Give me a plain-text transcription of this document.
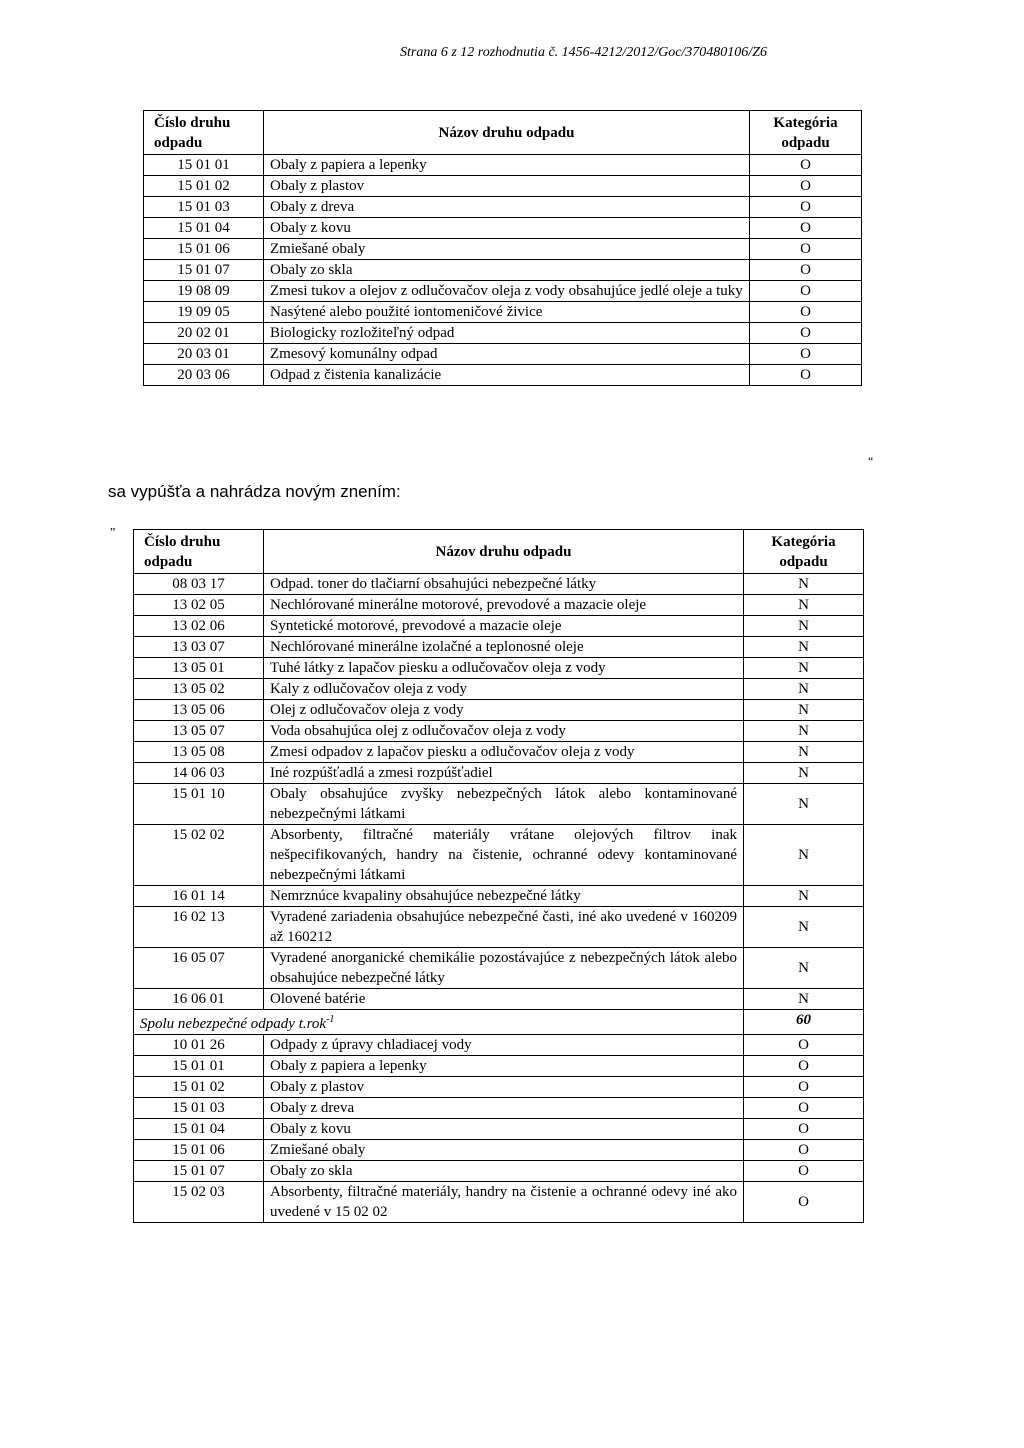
Strana 6 z 12 rozhodnutia č. 1456-4212/2012/Goc/370480106/Z6
Číslo druhu odpadu	Názov druhu odpadu	Kategória odpadu
15 01 01	Obaly z papiera a lepenky	O
15 01 02	Obaly z plastov	O
15 01 03	Obaly z dreva	O
15 01 04	Obaly z kovu	O
15 01 06	Zmiešané obaly	O
15 01 07	Obaly zo skla	O
19 08 09	Zmesi tukov a olejov z odlučovačov oleja z vody obsahujúce jedlé oleje a tuky	O
19 09 05	Nasýtené alebo použité iontomeničové živice	O
20 02 01	Biologicky rozložiteľný odpad	O
20 03 01	Zmesový komunálny odpad	O
20 03 06	Odpad z čistenia kanalizácie	O
“
sa vypúšťa a nahrádza novým znením:
„
Číslo druhu odpadu	Názov druhu odpadu	Kategória odpadu
08 03 17	Odpad. toner do tlačiarní obsahujúci nebezpečné látky	N
13 02 05	Nechlórované minerálne motorové, prevodové a mazacie oleje	N
13 02 06	Syntetické motorové, prevodové a mazacie oleje	N
13 03 07	Nechlórované minerálne izolačné a teplonosné oleje	N
13 05 01	Tuhé látky z lapačov piesku a odlučovačov oleja z vody	N
13 05 02	Kaly z odlučovačov oleja z vody	N
13 05 06	Olej z odlučovačov oleja z vody	N
13 05 07	Voda obsahujúca olej z odlučovačov oleja z vody	N
13 05 08	Zmesi odpadov z lapačov piesku a odlučovačov oleja z vody	N
14 06 03	Iné rozpúšťadlá a zmesi rozpúšťadiel	N
15 01 10	Obaly obsahujúce zvyšky nebezpečných látok alebo kontaminované nebezpečnými látkami	N
15 02 02	Absorbenty, filtračné materiály vrátane olejových filtrov inak nešpecifikovaných, handry na čistenie, ochranné odevy kontaminované nebezpečnými látkami	N
16 01 14	Nemrznúce kvapaliny obsahujúce nebezpečné látky	N
16 02 13	Vyradené zariadenia obsahujúce nebezpečné časti, iné ako uvedené v 160209 až 160212	N
16 05 07	Vyradené anorganické chemikálie pozostávajúce z nebezpečných látok alebo obsahujúce nebezpečné látky	N
16 06 01	Olovené batérie	N
Spolu nebezpečné odpady t.rok$^{-1}$		60
10 01 26	Odpady z úpravy chladiacej vody	O
15 01 01	Obaly z papiera a lepenky	O
15 01 02	Obaly z plastov	O
15 01 03	Obaly z dreva	O
15 01 04	Obaly z kovu	O
15 01 06	Zmiešané obaly	O
15 01 07	Obaly zo skla	O
15 02 03	Absorbenty, filtračné materiály, handry na čistenie a ochranné odevy iné ako uvedené v 15 02 02	O
